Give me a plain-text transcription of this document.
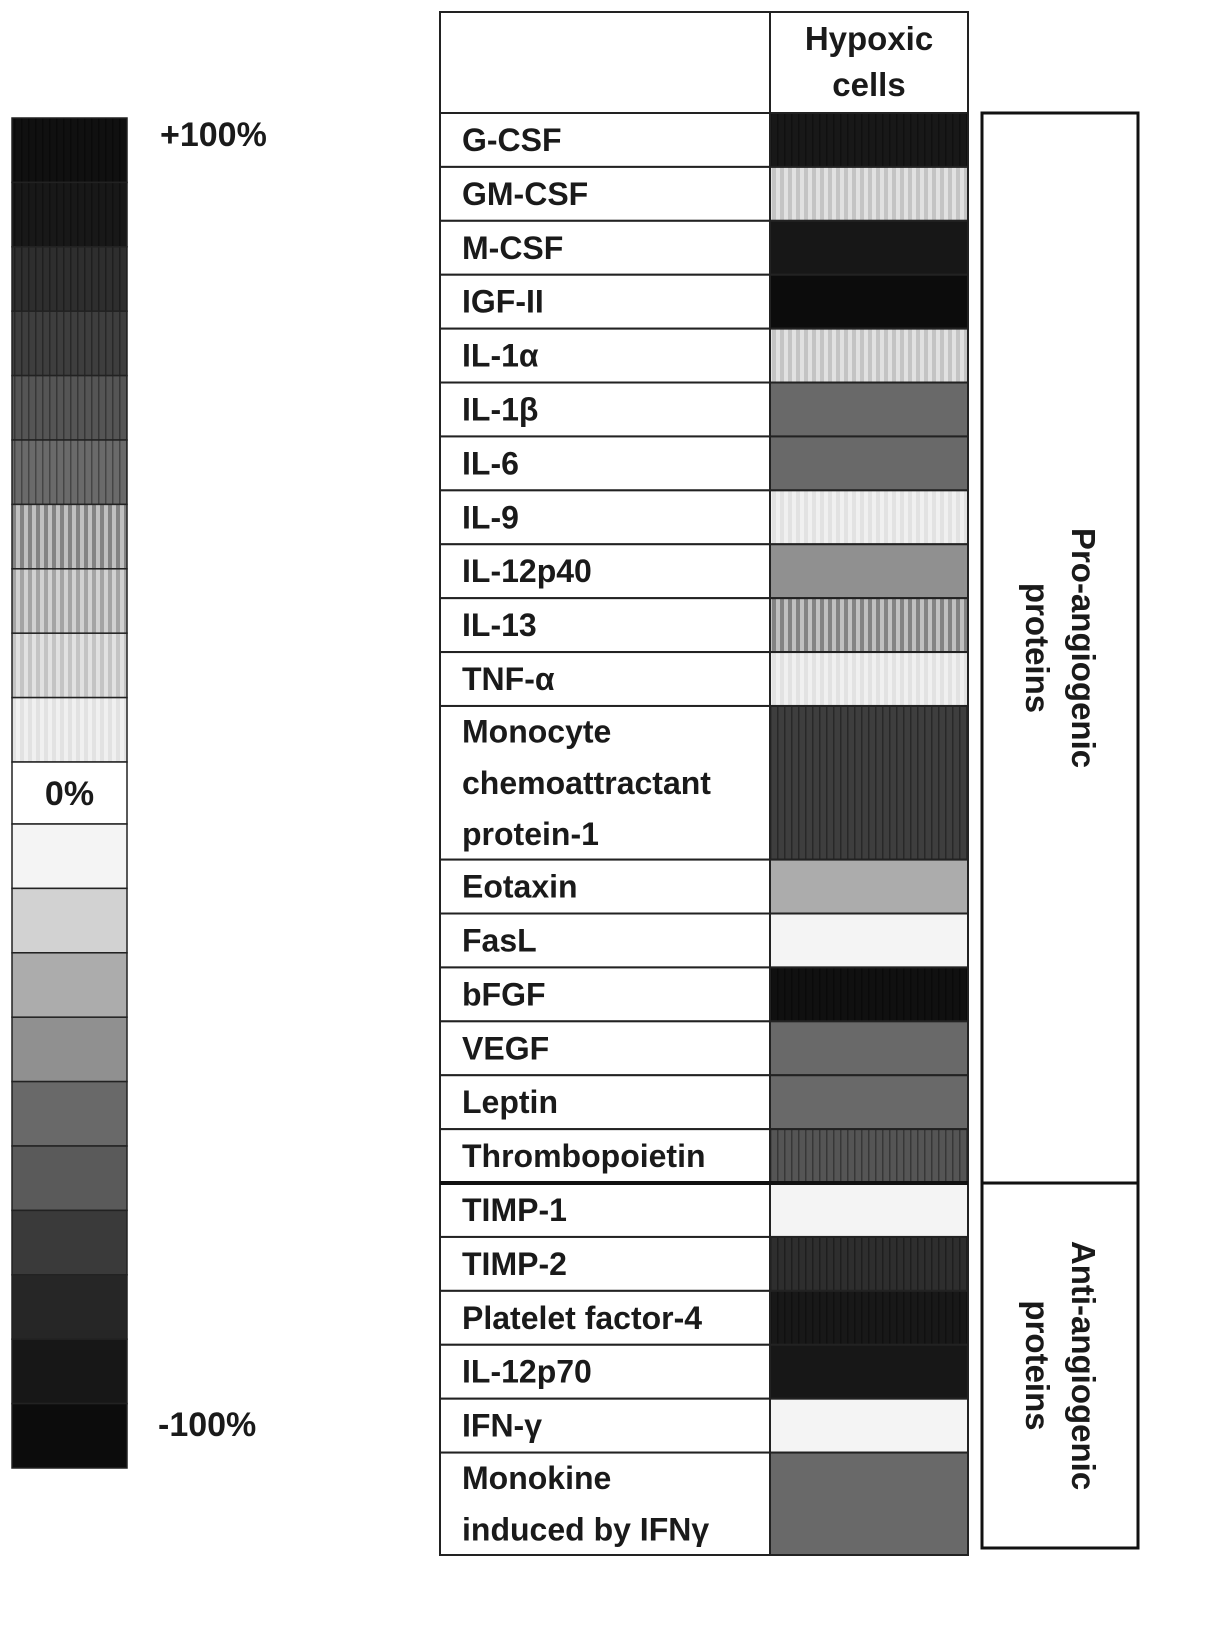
+100%
0%
-100%
Hypoxic cells
G-CSF
GM-CSF
M-CSF
IGF-II
IL-1α
IL-1β
IL-6
IL-9
IL-12p40
IL-13
TNF-α
Monocyte chemoattractant protein-1
Eotaxin
FasL
bFGF
VEGF
Leptin
Thrombopoietin
TIMP-1
TIMP-2
Platelet factor-4
IL-12p70
IFN-γ
Monokine induced by IFNγ
Pro-angiogenicproteins
Anti-angiogenicproteins
